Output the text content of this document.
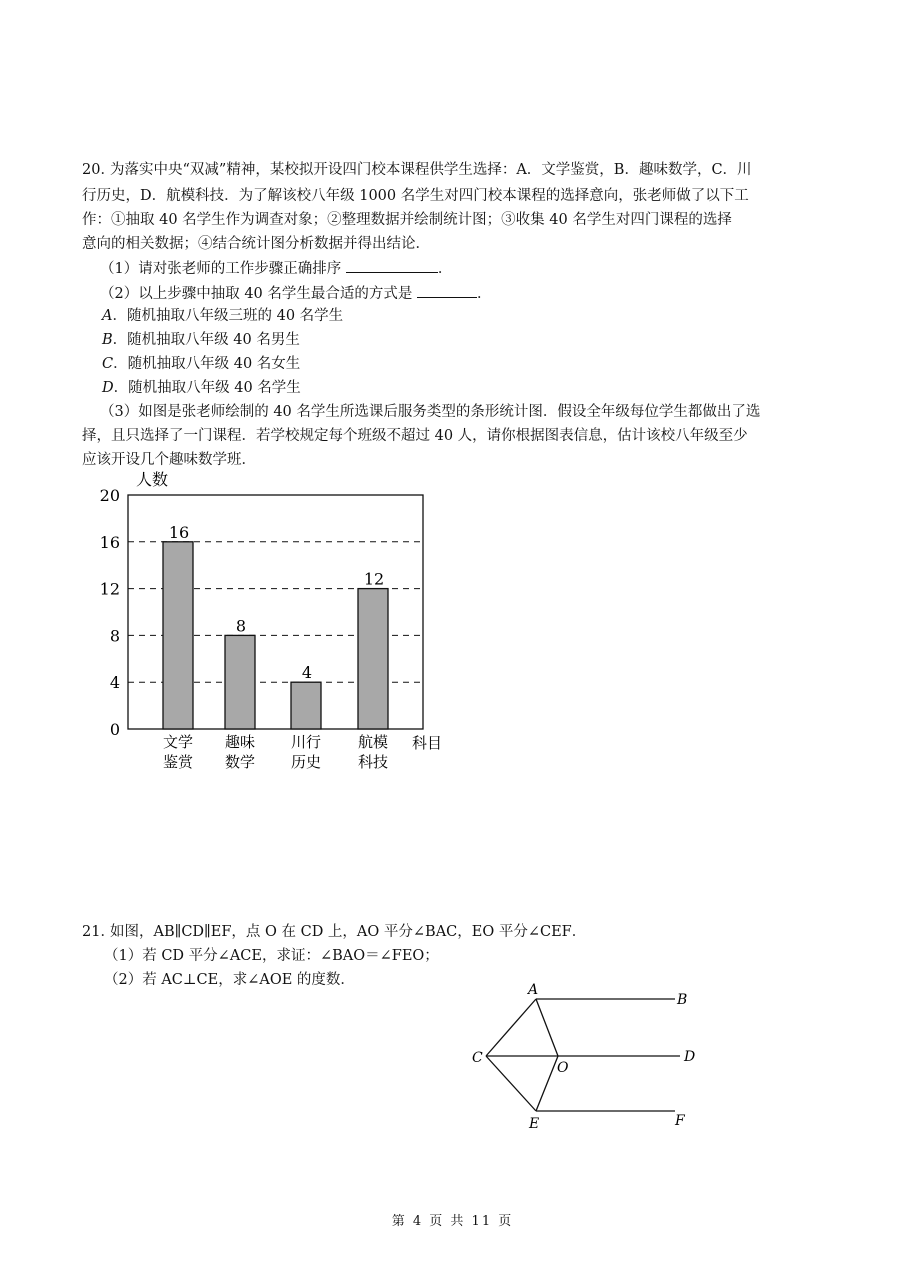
20．
为落实中央“双减”精神，某校拟开设四门校本课程供学生选择：A．文学鉴赏，B．趣味数学，C．川
行历史，D．航模科技．为了解该校八年级 1000 名学生对四门校本课程的选择意向，张老师做了以下工
作：①抽取 40 名学生作为调查对象；②整理数据并绘制统计图；③收集 40 名学生对四门课程的选择
意向的相关数据；④结合统计图分析数据并得出结论．
（1）请对张老师的工作步骤正确排序	．
（2）以上步骤中抽取 40 名学生最合适的方式是	．
A．随机抽取八年级三班的 40 名学生
B．随机抽取八年级 40 名男生
C．随机抽取八年级 40 名女生
D．随机抽取八年级 40 名学生
（3）如图是张老师绘制的 40 名学生所选课后服务类型的条形统计图．假设全年级每位学生都做出了选
择，且只选择了一门课程．若学校规定每个班级不超过 40 人，请你根据图表信息，估计该校八年级至少
应该开设几个趣味数学班．
0
4
8
12
16
20
16
文学
鉴赏
8
趣味
数学
4
川行
历史
12
航模
科技
人数
科目
21．
如图，AB∥CD∥EF，点 O 在 CD 上，AO 平分∠BAC，EO 平分∠CEF．
（1）若 CD 平分∠ACE，求证：∠BAO＝∠FEO；
（2）若 AC⊥CE，求∠AOE 的度数．
A
B
C
O
D
E	F
第 4 页 共 11 页
